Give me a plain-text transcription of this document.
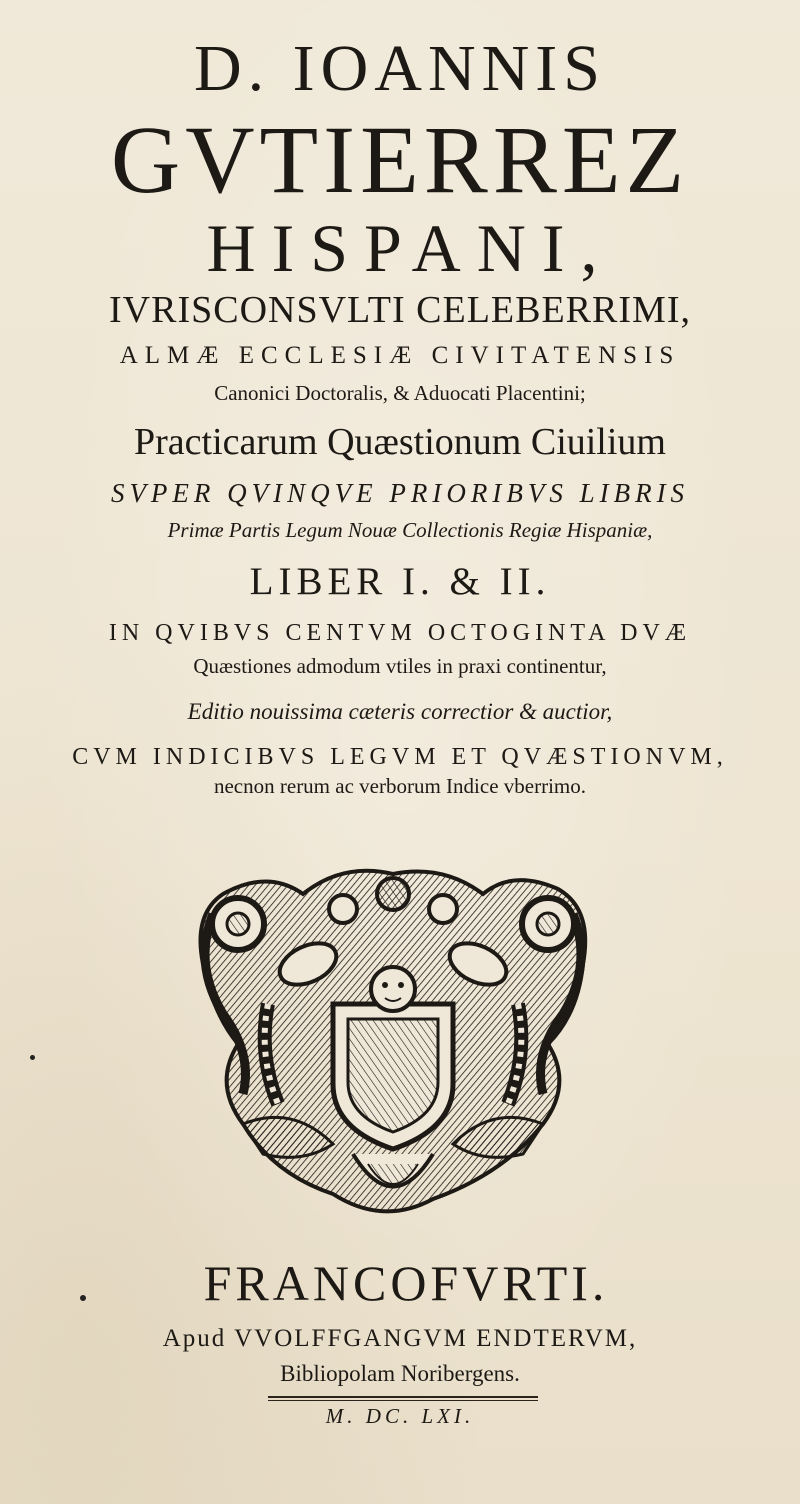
D. IOANNIS
GVTIERREZ
HISPANI,
IVRISCONSVLTI CELEBERRIMI,
ALMÆ ECCLESIÆ CIVITATENSIS
Canonici Doctoralis, & Aduocati Placentini;
Practicarum Quæstionum Ciuilium
SVPER QVINQVE PRIORIBVS LIBRIS
Primæ Partis Legum Nouæ Collectionis Regiæ Hispaniæ,
LIBER I. & II.
IN QVIBVS CENTVM OCTOGINTA DVÆ
Quæstiones admodum vtiles in praxi continentur,
Editio nouissima cæteris correctior & auctior,
CVM INDICIBVS LEGVM ET QVÆSTIONVM,
necnon rerum ac verborum Indice vberrimo.
FRANCOFVRTI.
Apud VVOLFFGANGVM ENDTERVM,
Bibliopolam Noribergens.
M. DC. LXI.
